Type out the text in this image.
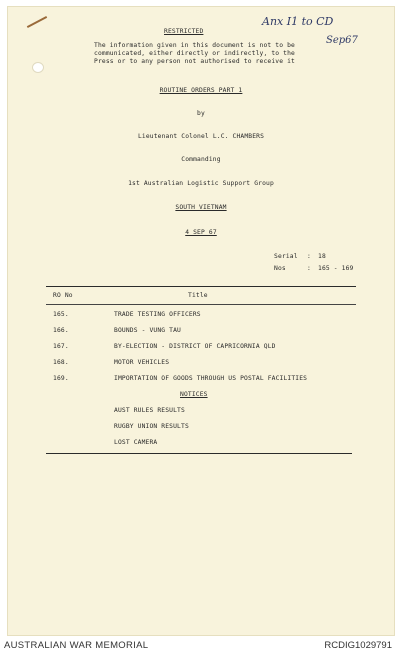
Anx I1 to CD
Sep67
RESTRICTED
The information given in this document is not to be
communicated, either directly or indirectly, to the
Press or to any person not authorised to receive it
ROUTINE ORDERS PART 1
by
Lieutenant Colonel L.C. CHAMBERS
Commanding
1st Australian Logistic Support Group
SOUTH VIETNAM
4 SEP 67
Serial : 18
Nos	: 165 - 169
RO No	Title
165.	TRADE TESTING OFFICERS
166.	BOUNDS - VUNG TAU
167.	BY-ELECTION - DISTRICT OF CAPRICORNIA QLD
168.	MOTOR VEHICLES
169.	IMPORTATION OF GOODS THROUGH US POSTAL FACILITIES
NOTICES
AUST RULES RESULTS
RUGBY UNION RESULTS
LOST CAMERA
AUSTRALIAN WAR MEMORIAL	RCDIG1029791
